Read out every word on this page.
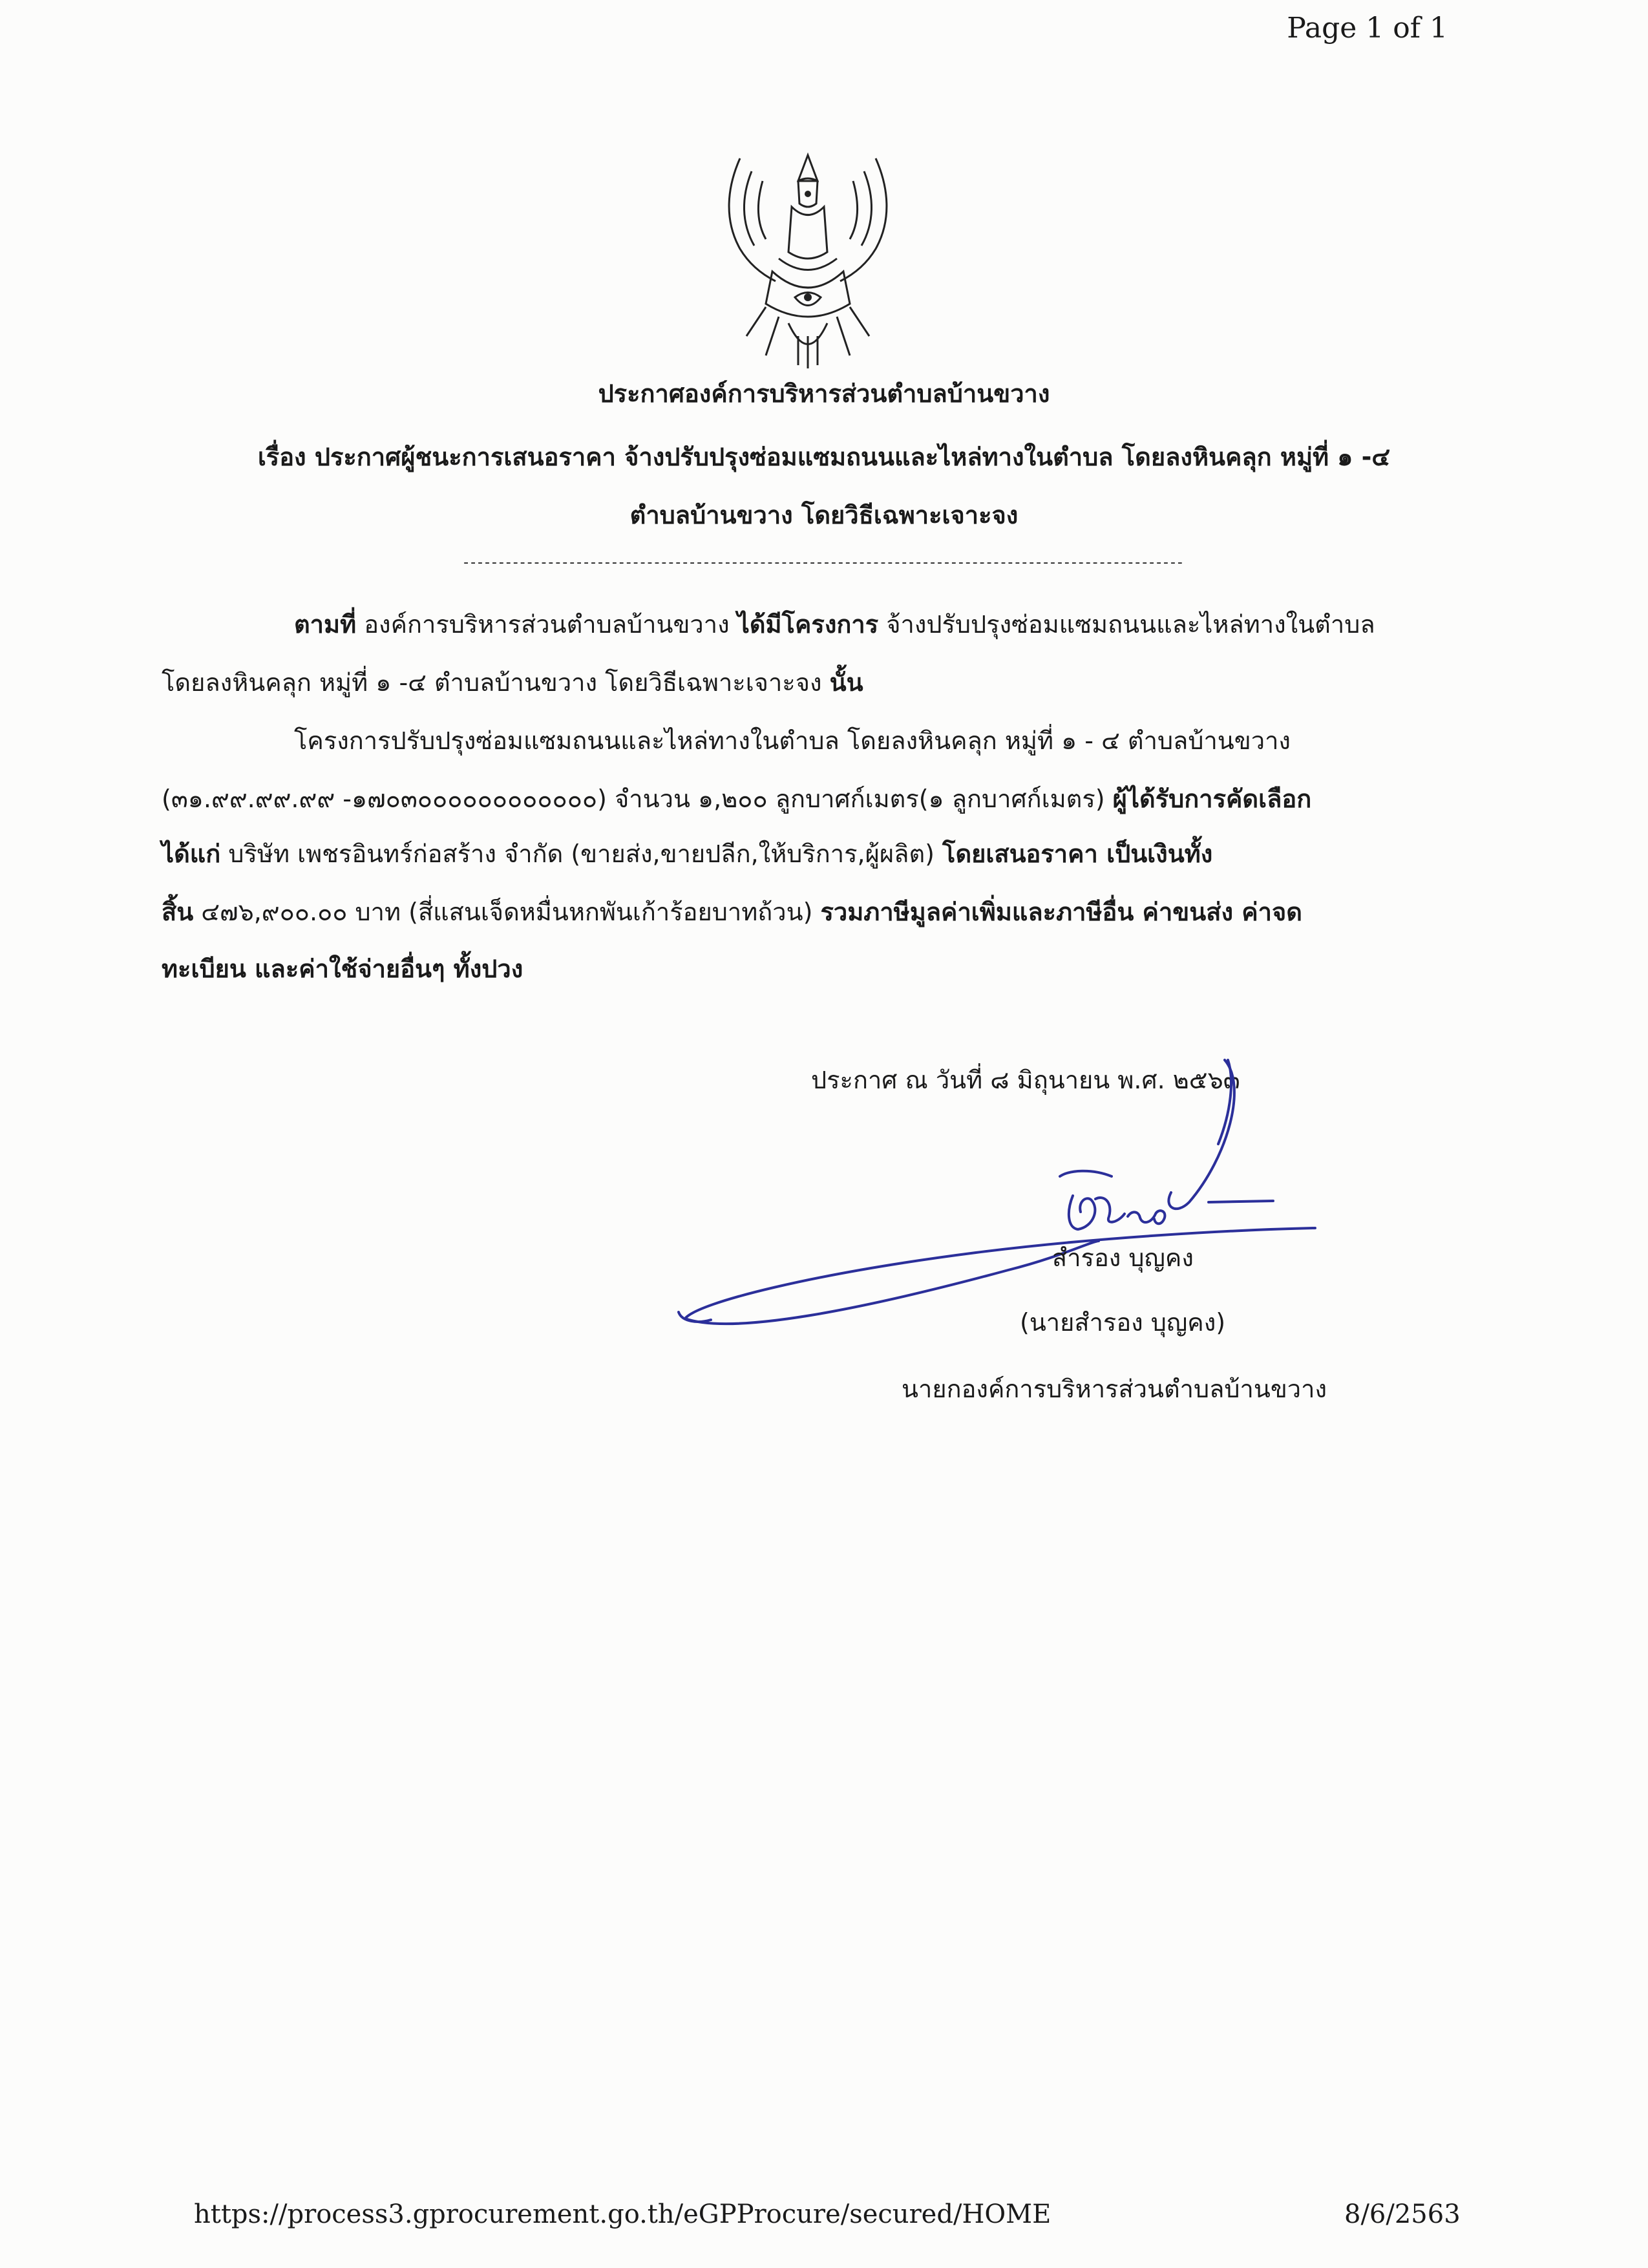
Page 1 of 1
ประกาศองค์การบริหารส่วนตำบลบ้านขวาง
เรื่อง ประกาศผู้ชนะการเสนอราคา จ้างปรับปรุงซ่อมแซมถนนและไหล่ทางในตำบล โดยลงหินคลุก หมู่ที่ ๑ -๔
ตำบลบ้านขวาง โดยวิธีเฉพาะเจาะจง
------------------------------------------------------------------------------------------------------
ตามที่ องค์การบริหารส่วนตำบลบ้านขวาง ได้มีโครงการ จ้างปรับปรุงซ่อมแซมถนนและไหล่ทางในตำบล
โดยลงหินคลุก หมู่ที่ ๑ -๔ ตำบลบ้านขวาง โดยวิธีเฉพาะเจาะจง นั้น
โครงการปรับปรุงซ่อมแซมถนนและไหล่ทางในตำบล โดยลงหินคลุก หมู่ที่ ๑ - ๔ ตำบลบ้านขวาง
(๓๑.๙๙.๙๙.๙๙ -๑๗๐๓๐๐๐๐๐๐๐๐๐๐๐๐) จำนวน ๑,๒๐๐ ลูกบาศก์เมตร(๑ ลูกบาศก์เมตร) ผู้ได้รับการคัดเลือก
ได้แก่ บริษัท เพชรอินทร์ก่อสร้าง จำกัด (ขายส่ง,ขายปลีก,ให้บริการ,ผู้ผลิต) โดยเสนอราคา เป็นเงินทั้ง
สิ้น ๔๗๖,๙๐๐.๐๐ บาท (สี่แสนเจ็ดหมื่นหกพันเก้าร้อยบาทถ้วน) รวมภาษีมูลค่าเพิ่มและภาษีอื่น ค่าขนส่ง ค่าจด
ทะเบียน และค่าใช้จ่ายอื่นๆ ทั้งปวง
ประกาศ ณ วันที่ ๘ มิถุนายน พ.ศ. ๒๕๖๓
สำรอง บุญคง
(นายสำรอง บุญคง)
นายกองค์การบริหารส่วนตำบลบ้านขวาง
https://process3.gprocurement.go.th/eGPProcure/secured/HOME	8/6/2563
